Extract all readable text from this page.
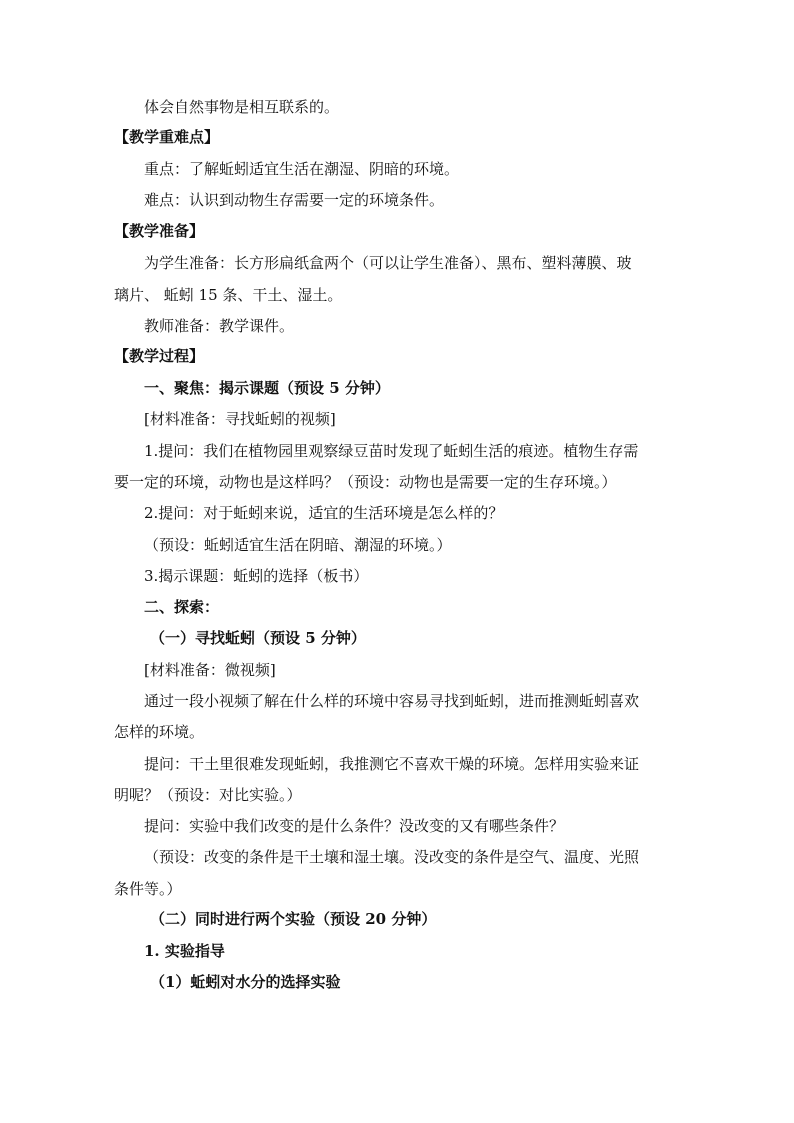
体会自然事物是相互联系的。
【教学重难点】
重点：了解蚯蚓适宜生活在潮湿、阴暗的环境。
难点：认识到动物生存需要一定的环境条件。
【教学准备】
为学生准备：长方形扁纸盒两个（可以让学生准备）、黑布、塑料薄膜、玻
璃片、 蚯蚓 15 条、干土、湿土。
教师准备：教学课件。
【教学过程】
一、聚焦：揭示课题（预设 5 分钟）
[材料准备：寻找蚯蚓的视频]
1.提问：我们在植物园里观察绿豆苗时发现了蚯蚓生活的痕迹。植物生存需
要一定的环境，动物也是这样吗？（预设：动物也是需要一定的生存环境。）
2.提问：对于蚯蚓来说，适宜的生活环境是怎么样的？
（预设：蚯蚓适宜生活在阴暗、潮湿的环境。）
3.揭示课题：蚯蚓的选择（板书）
二、探索：
（一）寻找蚯蚓（预设 5 分钟）
[材料准备：微视频]
通过一段小视频了解在什么样的环境中容易寻找到蚯蚓，进而推测蚯蚓喜欢
怎样的环境。
提问：干土里很难发现蚯蚓，我推测它不喜欢干燥的环境。怎样用实验来证
明呢？（预设：对比实验。）
提问：实验中我们改变的是什么条件？没改变的又有哪些条件？
（预设：改变的条件是干土壤和湿土壤。没改变的条件是空气、温度、光照
条件等。）
（二）同时进行两个实验（预设 20 分钟）
1. 实验指导
（1）蚯蚓对水分的选择实验
